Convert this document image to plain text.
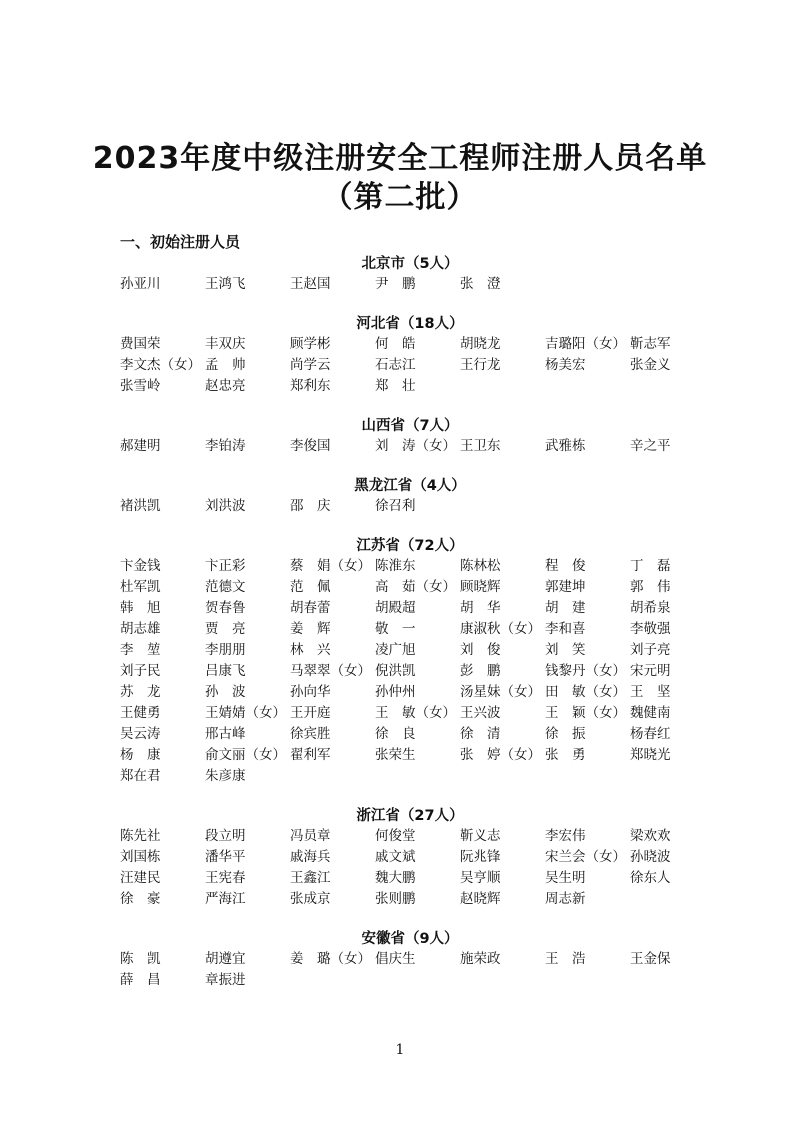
2023年度中级注册安全工程师注册人员名单
（第二批）
一、初始注册人员
北京市（5人）
孙亚川	王鸿飞	王赵国	尹　鹏	张　澄
河北省（18人）
费国荣	丰双庆	顾学彬	何　皓	胡晓龙	吉璐阳（女） 靳志军
李文杰（女） 孟　帅	尚学云	石志江	王行龙	杨美宏	张金义
张雪岭	赵忠亮	郑利东	郑　壮
山西省（7人）
郝建明	李铂涛	李俊国	刘　涛（女） 王卫东	武雅栋	辛之平
黑龙江省（4人）
褚洪凯	刘洪波	邵　庆	徐召利
江苏省（72人）
卞金钱	卞正彩	蔡　娟（女） 陈淮东	陈林松	程　俊	丁　磊
杜军凯	范德文	范　佩	高　茹（女） 顾晓辉	郭建坤	郭　伟
韩　旭	贺春鲁	胡春蕾	胡殿超	胡　华	胡　建	胡希泉
胡志雄	贾　亮	姜　辉	敬　一	康淑秋（女） 李和喜	李敬强
李　堃	李朋朋	林　兴	凌广旭	刘　俊	刘　笑	刘子亮
刘子民	吕康飞	马翠翠（女） 倪洪凯	彭　鹏	钱黎丹（女） 宋元明
苏　龙	孙　波	孙向华	孙仲州	汤星妹（女） 田　敏（女） 王　坚
王健勇	王婧婧（女） 王开庭	王　敏（女） 王兴波	王　颖（女） 魏健南
吴云涛	邢古峰	徐宾胜	徐　良	徐　清	徐　振	杨春红
杨　康	俞文丽（女） 翟利军	张荣生	张　婷（女） 张　勇	郑晓光
郑在君	朱彦康
浙江省（27人）
陈先社	段立明	冯员章	何俊堂	靳义志	李宏伟	梁欢欢
刘国栋	潘华平	戚海兵	戚文斌	阮兆锋	宋兰会（女） 孙晓波
汪建民	王宪春	王鑫江	魏大鹏	吴亨顺	吴生明	徐东人
徐　豪	严海江	张成京	张则鹏	赵晓辉	周志新
安徽省（9人）
陈　凯	胡遵宜	姜　璐（女） 倡庆生	施荣政	王　浩	王金保
薛　昌	章振进
1
